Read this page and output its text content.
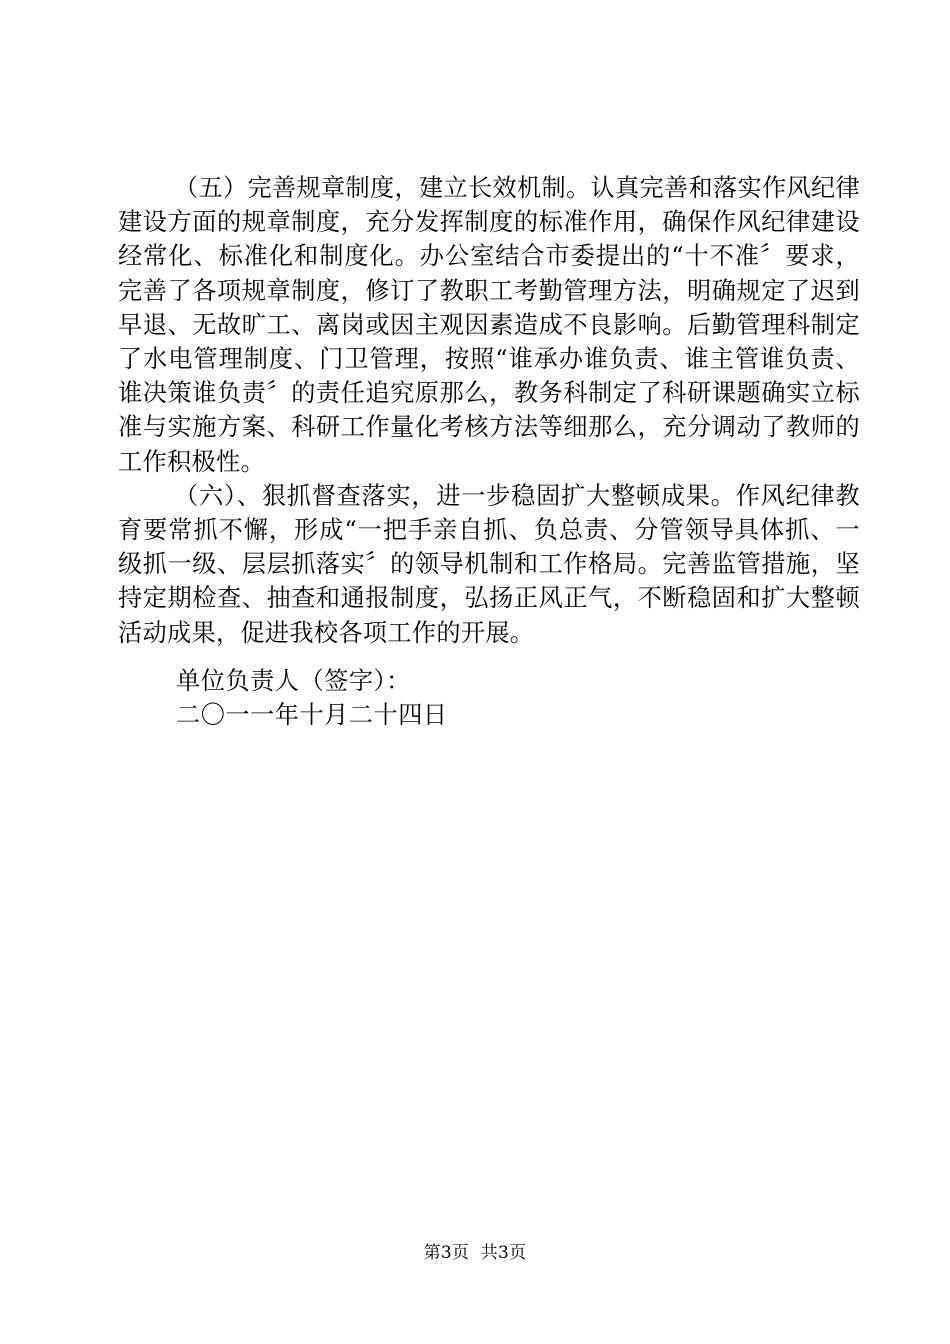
（五）完善规章制度，建立长效机制。认真完善和落实作风纪律建设方面的规章制度，充分发挥制度的标准作用，确保作风纪律建设经常化、标准化和制度化。办公室结合市委提出的“十不准〞要求，完善了各项规章制度，修订了教职工考勤管理方法，明确规定了迟到早退、无故旷工、离岗或因主观因素造成不良影响。后勤管理科制定了水电管理制度、门卫管理，按照“谁承办谁负责、谁主管谁负责、谁决策谁负责〞的责任追究原那么，教务科制定了科研课题确实立标准与实施方案、科研工作量化考核方法等细那么，充分调动了教师的工作积极性。

（六）、狠抓督查落实，进一步稳固扩大整顿成果。作风纪律教育要常抓不懈，形成“一把手亲自抓、负总责、分管领导具体抓、一级抓一级、层层抓落实〞的领导机制和工作格局。完善监管措施，坚持定期检查、抽查和通报制度，弘扬正风正气，不断稳固和扩大整顿活动成果，促进我校各项工作的开展。

单位负责人（签字）：
二〇一一年十月二十四日
第3页  共3页
